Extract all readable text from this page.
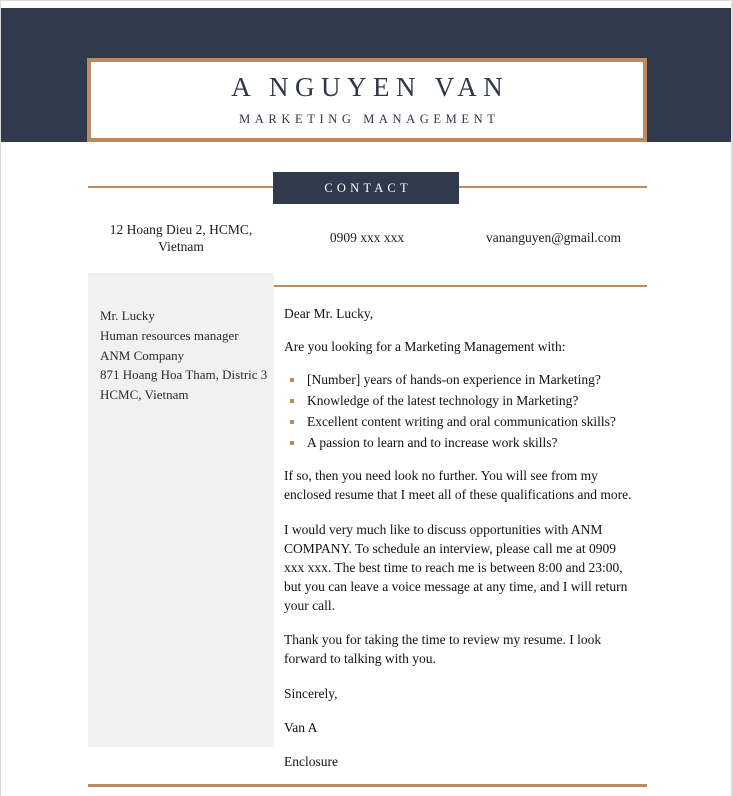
A NGUYEN VAN
MARKETING MANAGEMENT
CONTACT
12 Hoang Dieu 2, HCMC, Vietnam
0909 xxx xxx	vananguyen@gmail.com
Mr. Lucky
Human resources manager
ANM Company
871 Hoang Hoa Tham, Distric 3
HCMC, Vietnam

Dear Mr. Lucky,

Are you looking for a Marketing Management with:

[Number] years of hands-on experience in Marketing?
Knowledge of the latest technology in Marketing?
Excellent content writing and oral communication skills?
A passion to learn and to increase work skills?

If so, then you need look no further. You will see from my enclosed resume that I meet all of these qualifications and more.

I would very much like to discuss opportunities with ANM COMPANY. To schedule an interview, please call me at 0909 xxx xxx. The best time to reach me is between 8:00 and 23:00, but you can leave a voice message at any time, and I will return your call.

Thank you for taking the time to review my resume. I look forward to talking with you.

Sincerely,

Van A

Enclosure
